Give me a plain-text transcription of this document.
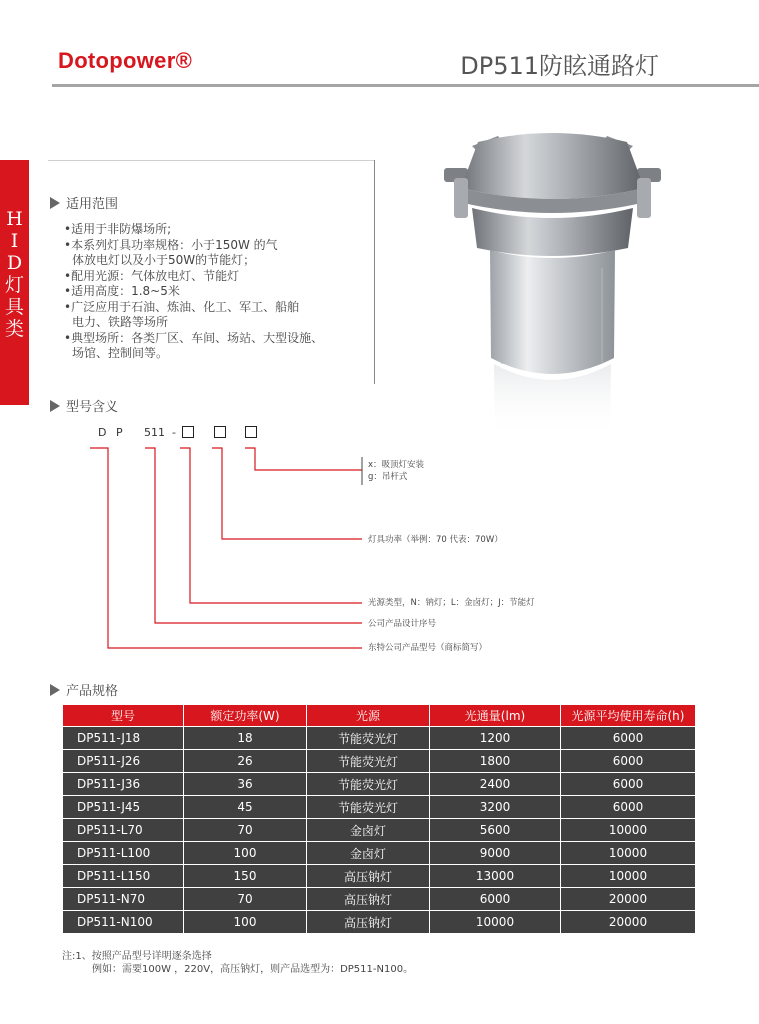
Dotopower®	DP511防眩通路灯
H
I
D
灯
具
类
适用范围
•适用于非防爆场所;
•本系列灯具功率规格：小于150W 的气
体放电灯以及小于50W的节能灯；
•配用光源：气体放电灯、节能灯
•适用高度：1.8~5米
•广泛应用于石油、炼油、化工、军工、船舶
电力、铁路等场所
•典型场所：各类厂区、车间、场站、大型设施、
场馆、控制间等。
型号含义
D P 511 -
x：吸顶灯安装
g：吊杆式
灯具功率（举例：70 代表：70W）
光源类型，N：钠灯；L：金卤灯；J：节能灯
公司产品设计序号
东特公司产品型号（商标简写）
产品规格
型号	额定功率(W)	光源	光通量(lm)	光源平均使用寿命(h)
DP511-J18	18	节能荧光灯	1200	6000
DP511-J26	26	节能荧光灯	1800	6000
DP511-J36	36	节能荧光灯	2400	6000
DP511-J45	45	节能荧光灯	3200	6000
DP511-L70	70	金卤灯	5600	10000
DP511-L100	100	金卤灯	9000	10000
DP511-L150	150	高压钠灯	13000	10000
DP511-N70	70	高压钠灯	6000	20000
DP511-N100	100	高压钠灯	10000	20000
注:1、按照产品型号详明逐条选择
例如：需要100W ，220V，高压钠灯，则产品选型为：DP511-N100。
